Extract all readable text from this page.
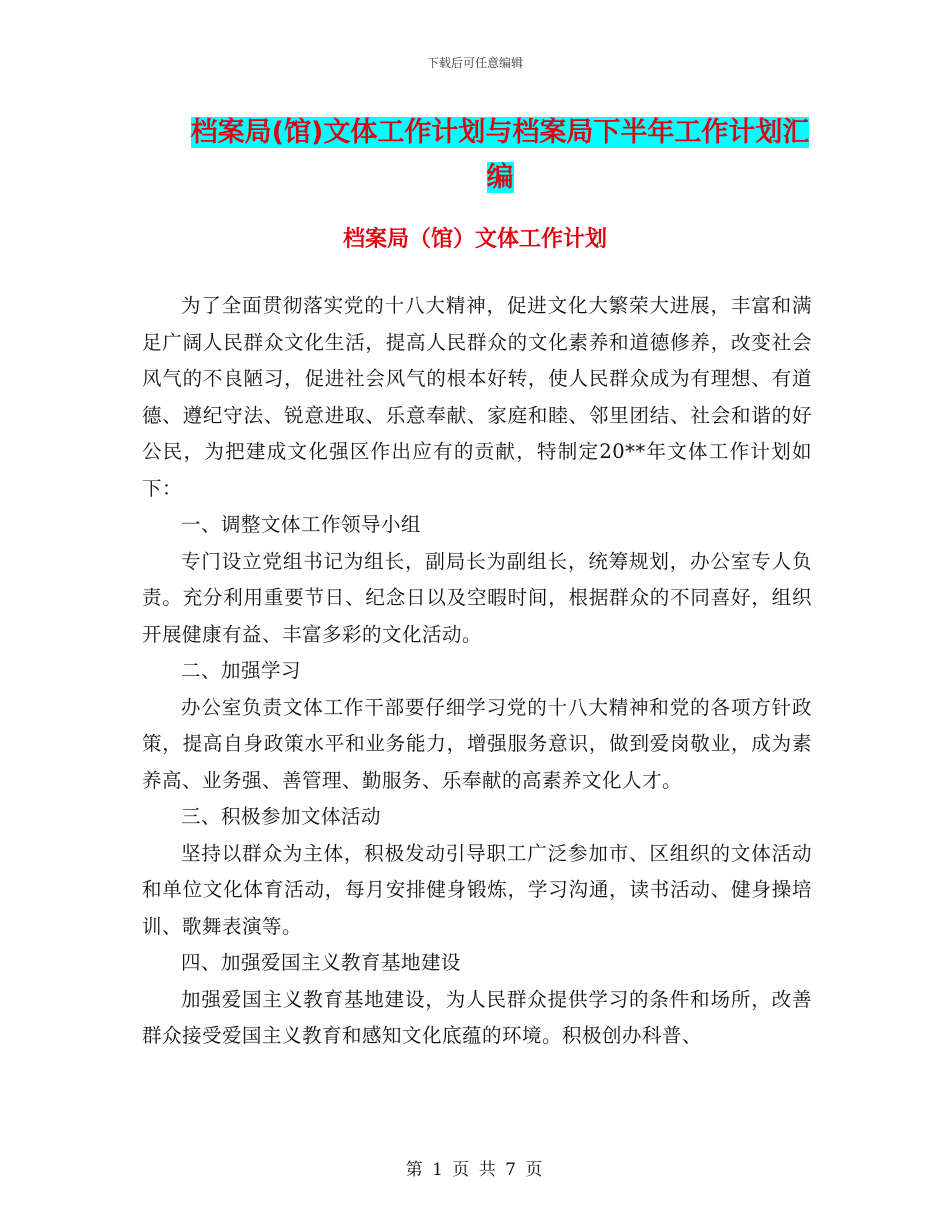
下载后可任意编辑
档案局(馆)文体工作计划与档案局下半年工作计划汇编
档案局（馆）文体工作计划

为了全面贯彻落实党的十八大精神，促进文化大繁荣大进展，丰富和满足广阔人民群众文化生活，提高人民群众的文化素养和道德修养，改变社会风气的不良陋习，促进社会风气的根本好转，使人民群众成为有理想、有道德、遵纪守法、锐意进取、乐意奉献、家庭和睦、邻里团结、社会和谐的好公民，为把建成文化强区作出应有的贡献，特制定20**年文体工作计划如下：

一、调整文体工作领导小组

专门设立党组书记为组长，副局长为副组长，统筹规划，办公室专人负责。充分利用重要节日、纪念日以及空暇时间，根据群众的不同喜好，组织开展健康有益、丰富多彩的文化活动。

二、加强学习

办公室负责文体工作干部要仔细学习党的十八大精神和党的各项方针政策，提高自身政策水平和业务能力，增强服务意识，做到爱岗敬业，成为素养高、业务强、善管理、勤服务、乐奉献的高素养文化人才。

三、积极参加文体活动

坚持以群众为主体，积极发动引导职工广泛参加市、区组织的文体活动和单位文化体育活动，每月安排健身锻炼，学习沟通，读书活动、健身操培训、歌舞表演等。

四、加强爱国主义教育基地建设

加强爱国主义教育基地建设，为人民群众提供学习的条件和场所，改善群众接受爱国主义教育和感知文化底蕴的环境。积极创办科普、

第 1 页 共 7 页
